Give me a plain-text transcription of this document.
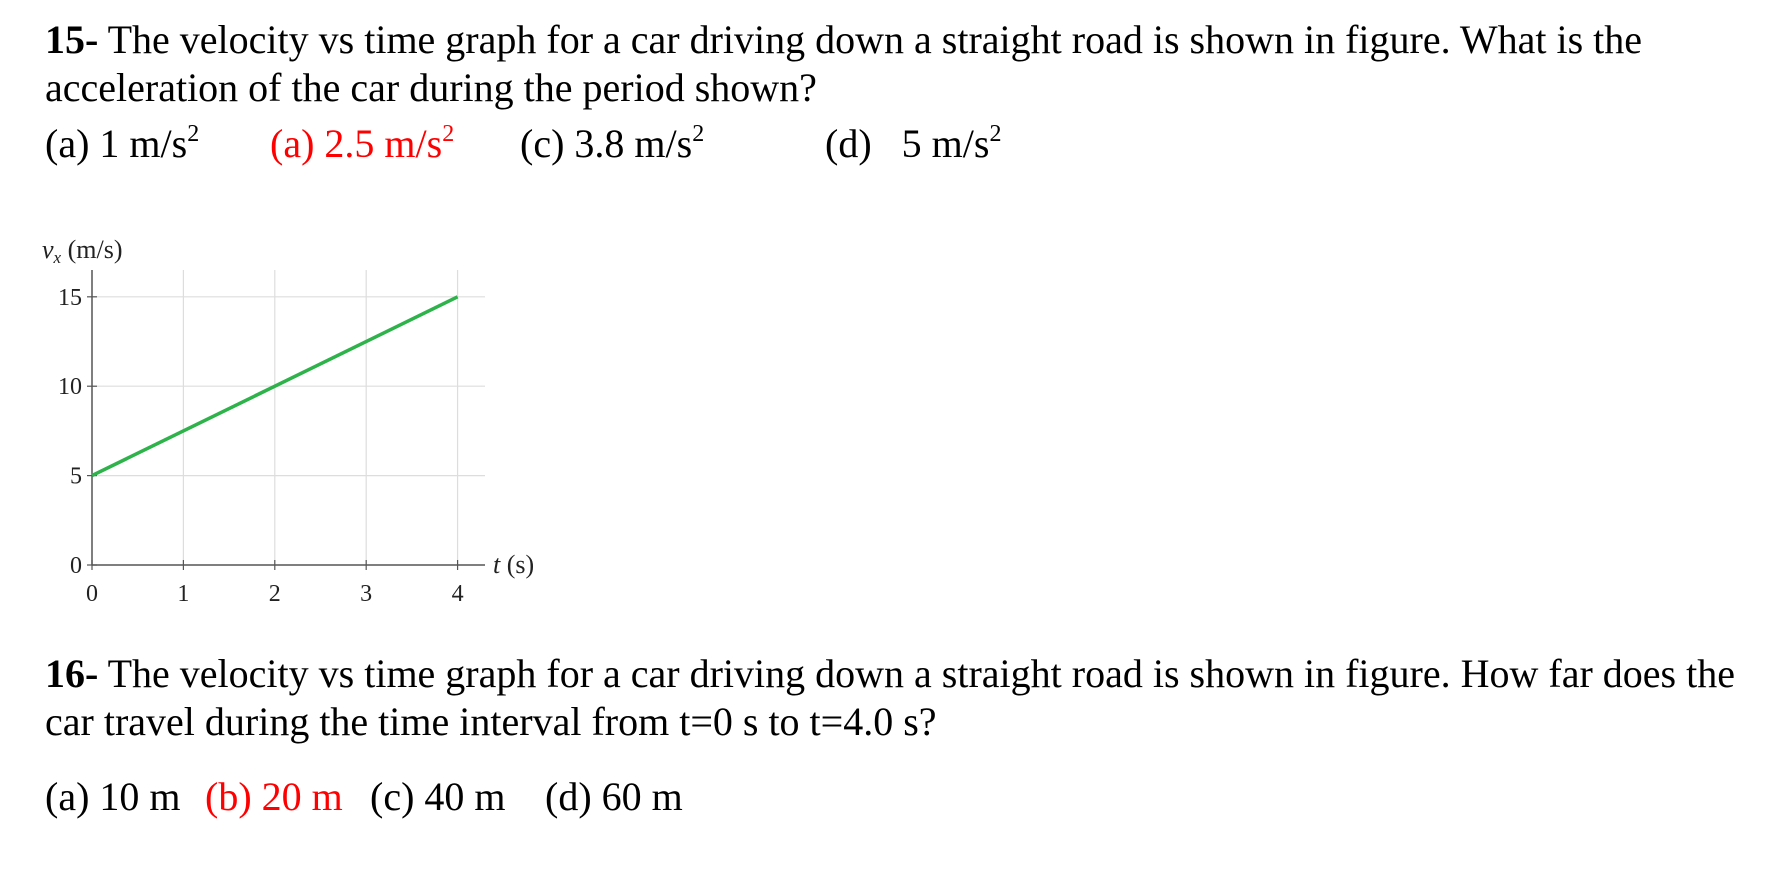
15- The velocity vs time graph for a car driving down a straight road is shown in figure. What is the acceleration of the car during the period shown?

(a) 1 $m/s^2$ (a) 2.5 $m/s^2$ (c) 3.8 $m/s^2$	(d) 5 $m/s^2$
0	1	2	3	4
0
5
10
15
vx (m/s)
t (s)

16- The velocity vs time graph for a car driving down a straight road is shown in figure. How far does the car travel during the time interval from t=0 s to t=4.0 s?

(a) 10 m (b) 20 m (c) 40 m (d) 60 m
